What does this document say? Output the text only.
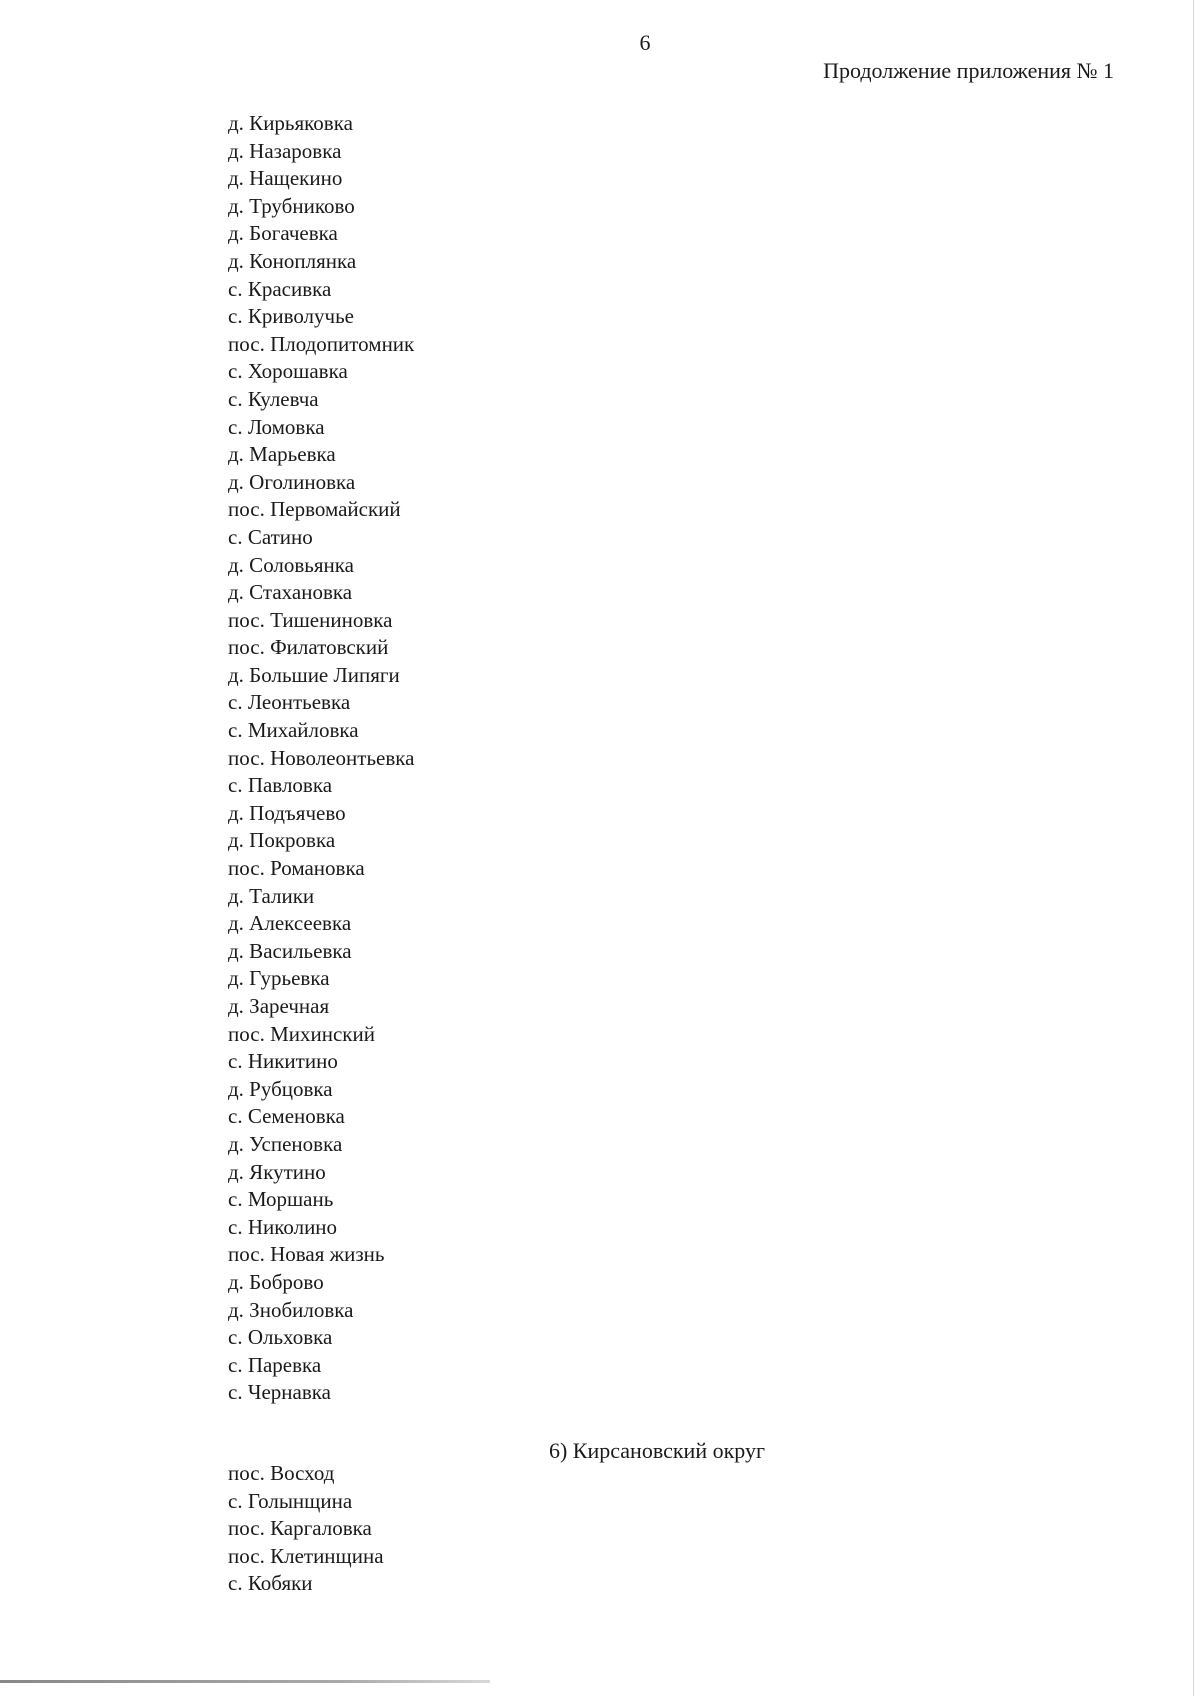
6
Продолжение приложения № 1
д. Кирьяковка
д. Назаровка
д. Нащекино
д. Трубниково
д. Богачевка
д. Коноплянка
с. Красивка
с. Криволучье
пос. Плодопитомник
с. Хорошавка
с. Кулевча
с. Ломовка
д. Марьевка
д. Оголиновка
пос. Первомайский
с. Сатино
д. Соловьянка
д. Стахановка
пос. Тишениновка
пос. Филатовский
д. Большие Липяги
с. Леонтьевка
с. Михайловка
пос. Новолеонтьевка
с. Павловка
д. Подъячево
д. Покровка
пос. Романовка
д. Талики
д. Алексеевка
д. Васильевка
д. Гурьевка
д. Заречная
пос. Михинский
с. Никитино
д. Рубцовка
с. Семеновка
д. Успеновка
д. Якутино
с. Моршань
с. Николино
пос. Новая жизнь
д. Боброво
д. Знобиловка
с. Ольховка
с. Паревка
с. Чернавка
6) Кирсановский округ
пос. Восход
с. Голынщина
пос. Каргаловка
пос. Клетинщина
с. Кобяки
